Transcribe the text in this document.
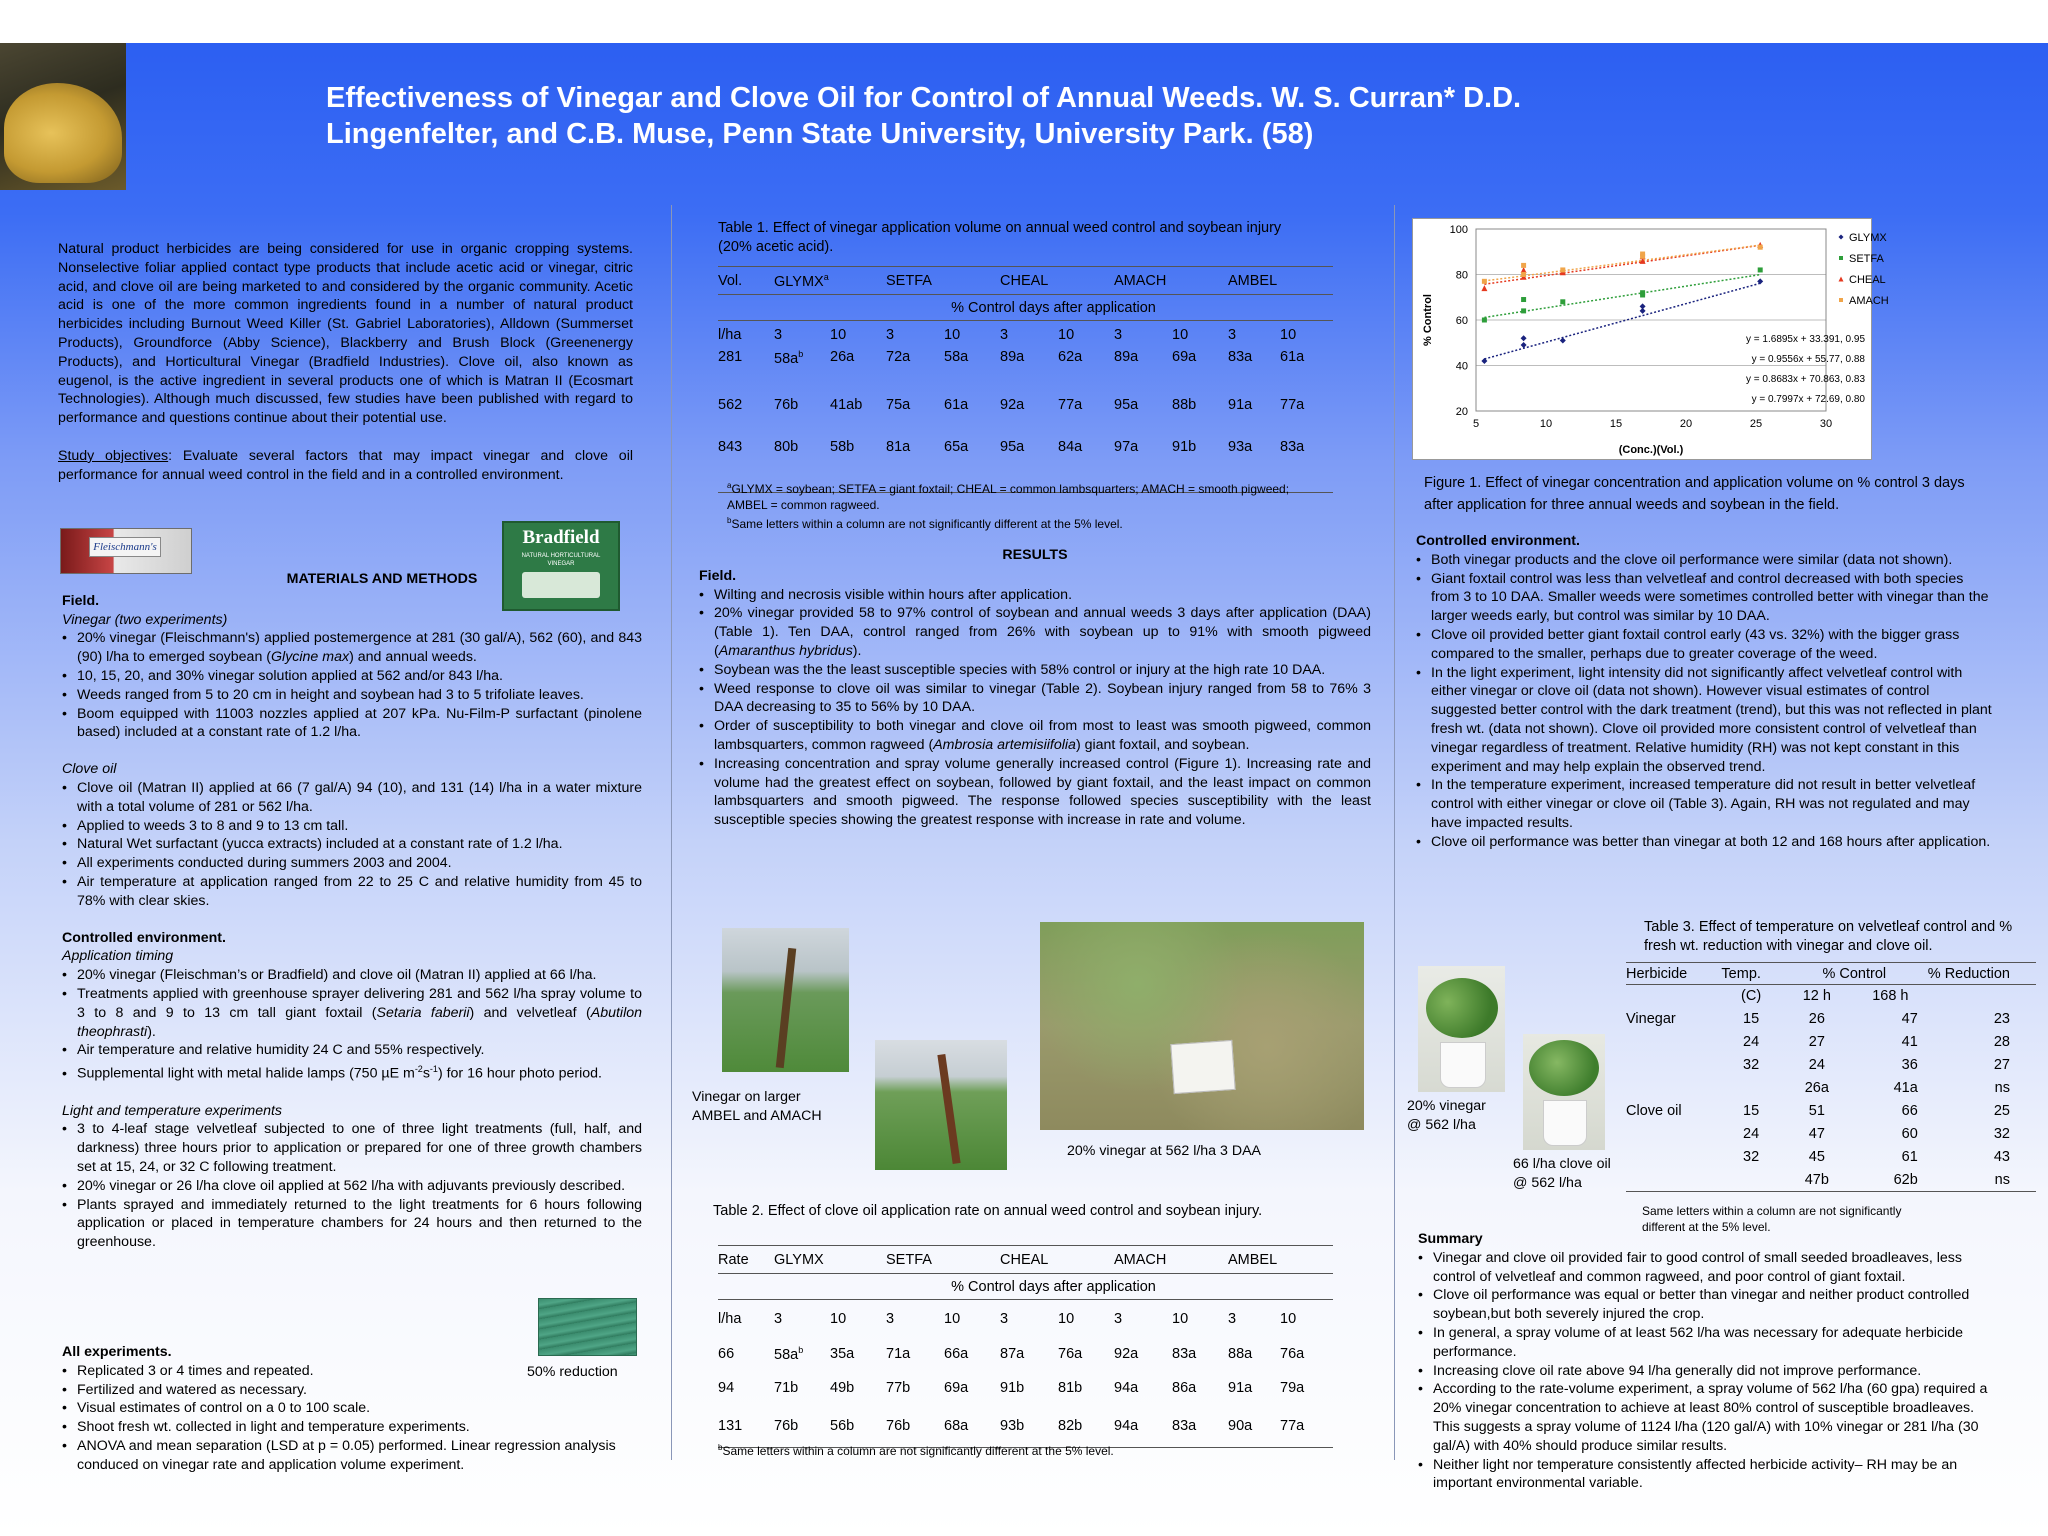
Effectiveness of Vinegar and Clove Oil for Control of Annual Weeds. W. S. Curran* D.D.
Lingenfelter, and C.B. Muse, Penn State University, University Park. (58)
Natural product herbicides are being considered for use in organic cropping systems. Nonselective foliar applied contact type products that include acetic acid or vinegar, citric acid, and clove oil are being marketed to and considered by the organic community. Acetic acid is one of the more common ingredients found in a number of natural product herbicides including Burnout Weed Killer (St. Gabriel Laboratories), Alldown (Summerset Products), Groundforce (Abby Science), Blackberry and Brush Block (Greenenergy Products), and Horticultural Vinegar (Bradfield Industries). Clove oil, also known as eugenol, is the active ingredient in several products one of which is Matran II (Ecosmart Technologies). Although much discussed, few studies have been published with regard to performance and questions continue about their potential use.
Study objectives: Evaluate several factors that may impact vinegar and clove oil performance for annual weed control in the field and in a controlled environment.
Fleischmann's	Bradfield
NATURAL HORTICULTURAL VINEGAR
MATERIALS AND METHODS
Field.
Vinegar (two experiments)
• 20% vinegar (Fleischmann's) applied postemergence at 281 (30 gal/A), 562 (60), and 843 (90) l/ha to emerged soybean (Glycine max) and annual weeds.
• 10, 15, 20, and 30% vinegar solution applied at 562 and/or 843 l/ha.
• Weeds ranged from 5 to 20 cm in height and soybean had 3 to 5 trifoliate leaves.
• Boom equipped with 11003 nozzles applied at 207 kPa. Nu-Film-P surfactant (pinolene based) included at a constant rate of 1.2 l/ha.
Clove oil
• Clove oil (Matran II) applied at 66 (7 gal/A) 94 (10), and 131 (14) l/ha in a water mixture with a total volume of 281 or 562 l/ha.
• Applied to weeds 3 to 8 and 9 to 13 cm tall.
• Natural Wet surfactant (yucca extracts) included at a constant rate of 1.2 l/ha.
• All experiments conducted during summers 2003 and 2004.
• Air temperature at application ranged from 22 to 25 C and relative humidity from 45 to 78% with clear skies.
Controlled environment.
Application timing
• 20% vinegar (Fleischman’s or Bradfield) and clove oil (Matran II) applied at 66 l/ha.
• Treatments applied with greenhouse sprayer delivering 281 and 562 l/ha spray volume to 3 to 8 and 9 to 13 cm tall giant foxtail (Setaria faberii) and velvetleaf (Abutilon theophrasti).
• Air temperature and relative humidity 24 C and 55% respectively.
• Supplemental light with metal halide lamps (750 µE $m^{-2}s^{-1}$) for 16 hour photo period.
Light and temperature experiments
• 3 to 4-leaf stage velvetleaf subjected to one of three light treatments (full, half, and darkness) three hours prior to application or prepared for one of three growth chambers set at 15, 24, or 32 C following treatment.
• 20% vinegar or 26 l/ha clove oil applied at 562 l/ha with adjuvants previously described.
• Plants sprayed and immediately returned to the light treatments for 6 hours following application or placed in temperature chambers for 24 hours and then returned to the greenhouse.
50% reduction
All experiments.
• Replicated 3 or 4 times and repeated.
• Fertilized and watered as necessary.
• Visual estimates of control on a 0 to 100 scale.
• Shoot fresh wt. collected in light and temperature experiments.
• ANOVA and mean separation (LSD at p = 0.05) performed. Linear regression analysis conduced on vinegar rate and application volume experiment.
Table 1. Effect of vinegar application volume on annual weed control and soybean injury (20% acetic acid).
Vol.	GLYMX$^a$		SETFA		CHEAL		AMACH		AMBEL	
	% Control days after application									
l/ha	3	10	3	10	3	10	3	10	3	10
281	$58a^b$	26a	72a	58a	89a	62a	89a	69a	83a	61a
562	76b	41ab	75a	61a	92a	77a	95a	88b	91a	77a
843	80b	58b	81a	65a	95a	84a	97a	91b	93a	83a
$^a$GLYMX = soybean; SETFA = giant foxtail; CHEAL = common lambsquarters; AMACH = smooth pigweed; AMBEL = common ragweed.
$^b$Same letters within a column are not significantly different at the 5% level.
RESULTS
Field.
• Wilting and necrosis visible within hours after application.
• 20% vinegar provided 58 to 97% control of soybean and annual weeds 3 days after application (DAA) (Table 1). Ten DAA, control ranged from 26% with soybean up to 91% with smooth pigweed (Amaranthus hybridus).
• Soybean was the the least susceptible species with 58% control or injury at the high rate 10 DAA.
• Weed response to clove oil was similar to vinegar (Table 2). Soybean injury ranged from 58 to 76% 3 DAA decreasing to 35 to 56% by 10 DAA.
• Order of susceptibility to both vinegar and clove oil from most to least was smooth pigweed, common lambsquarters, common ragweed (Ambrosia artemisiifolia) giant foxtail, and soybean.
• Increasing concentration and spray volume generally increased control (Figure 1). Increasing rate and volume had the greatest effect on soybean, followed by giant foxtail, and the least impact on common lambsquarters and smooth pigweed. The response followed species susceptibility with the least susceptible species showing the greatest response with increase in rate and volume.
Vinegar on larger
AMBEL and AMACH
20% vinegar at 562 l/ha 3 DAA
Table 2. Effect of clove oil application rate on annual weed control and soybean injury.
Rate	GLYMX		SETFA		CHEAL		AMACH		AMBEL	
	% Control days after application									
l/ha	3	10	3	10	3	10	3	10	3	10
66	$58a^b$	35a	71a	66a	87a	76a	92a	83a	88a	76a
94	71b	49b	77b	69a	91b	81b	94a	86a	91a	79a
131	76b	56b	76b	68a	93b	82b	94a	83a	90a	77a
$^b$Same letters within a column are not significantly different at the 5% level.
20
40
60
80
100
5	10	15	20	25	30
GLYMX
SETFA
CHEAL
AMACH
y = 1.6895x + 33.391, 0.95
y = 0.9556x + 55.77, 0.88
y = 0.8683x + 70.863, 0.83
y = 0.7997x + 72.69, 0.80
% Control
(Conc.)(Vol.)
Figure 1. Effect of vinegar concentration and application volume on % control 3 days after application for three annual weeds and soybean in the field.
Controlled environment.
• Both vinegar products and the clove oil performance were similar (data not shown).
• Giant foxtail control was less than velvetleaf and control decreased with both species from 3 to 10 DAA. Smaller weeds were sometimes controlled better with vinegar than the larger weeds early, but control was similar by 10 DAA.
• Clove oil provided better giant foxtail control early (43 vs. 32%) with the bigger grass compared to the smaller, perhaps due to greater coverage of the weed.
• In the light experiment, light intensity did not significantly affect velvetleaf control with either vinegar or clove oil (data not shown). However visual estimates of control suggested better control with the dark treatment (trend), but this was not reflected in plant fresh wt. (data not shown). Clove oil provided more consistent control of velvetleaf than vinegar regardless of treatment. Relative humidity (RH) was not kept constant in this experiment and may help explain the observed trend.
• In the temperature experiment, increased temperature did not result in better velvetleaf control with either vinegar or clove oil (Table 3). Again, RH was not regulated and may have impacted results.
• Clove oil performance was better than vinegar at both 12 and 168 hours after application.
20% vinegar
@ 562 l/ha
66 l/ha clove oil
@ 562 l/ha
Table 3. Effect of temperature on velvetleaf control and % fresh wt. reduction with vinegar and clove oil.
Herbicide	Temp.	% Control		% Reduction
	(C)	12 h	168 h	
Vinegar	15	26	47	23
	24	27	41	28
	32	24	36	27
		26a	41a	ns
Clove oil	15	51	66	25
	24	47	60	32
	32	45	61	43
		47b	62b	ns
Same letters within a column are not significantly different at the 5% level.
Summary
• Vinegar and clove oil provided fair to good control of small seeded broadleaves, less control of velvetleaf and common ragweed, and poor control of giant foxtail.
• Clove oil performance was equal or better than vinegar and neither product controlled soybean,but both severely injured the crop.
• In general, a spray volume of at least 562 l/ha was necessary for adequate herbicide performance.
• Increasing clove oil rate above 94 l/ha generally did not improve performance.
• According to the rate-volume experiment, a spray volume of 562 l/ha (60 gpa) required a 20% vinegar concentration to achieve at least 80% control of susceptible broadleaves. This suggests a spray volume of 1124 l/ha (120 gal/A) with 10% vinegar or 281 l/ha (30 gal/A) with 40% should produce similar results.
• Neither light nor temperature consistently affected herbicide activity– RH may be an important environmental variable.
